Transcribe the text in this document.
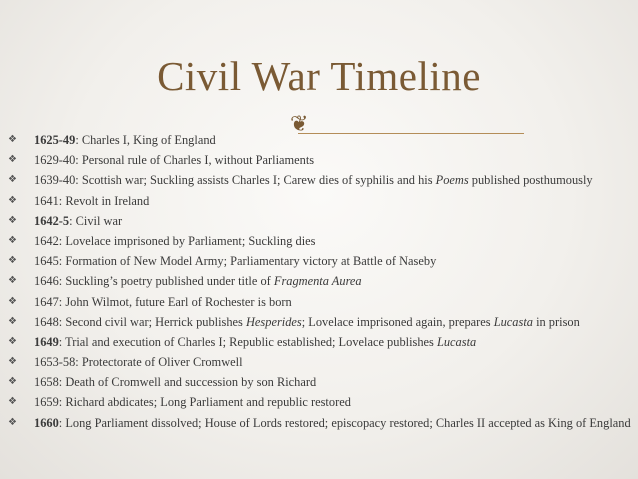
Civil War Timeline
❦
❖	1625-49: Charles I, King of England
❖	1629-40: Personal rule of Charles I, without Parliaments
❖	1639-40: Scottish war; Suckling assists Charles I; Carew dies of syphilis and his Poems published posthumously
❖	1641: Revolt in Ireland
❖	1642-5: Civil war
❖	1642: Lovelace imprisoned by Parliament; Suckling dies
❖	1645: Formation of New Model Army; Parliamentary victory at Battle of Naseby
❖	1646: Suckling’s poetry published under title of Fragmenta Aurea
❖	1647: John Wilmot, future Earl of Rochester is born
❖	1648: Second civil war; Herrick publishes Hesperides; Lovelace imprisoned again, prepares Lucasta in prison
❖	1649: Trial and execution of Charles I; Republic established; Lovelace publishes Lucasta
❖	1653-58: Protectorate of Oliver Cromwell
❖	1658: Death of Cromwell and succession by son Richard
❖	1659: Richard abdicates; Long Parliament and republic restored
❖	1660: Long Parliament dissolved; House of Lords restored; episcopacy restored; Charles II accepted as King of England
